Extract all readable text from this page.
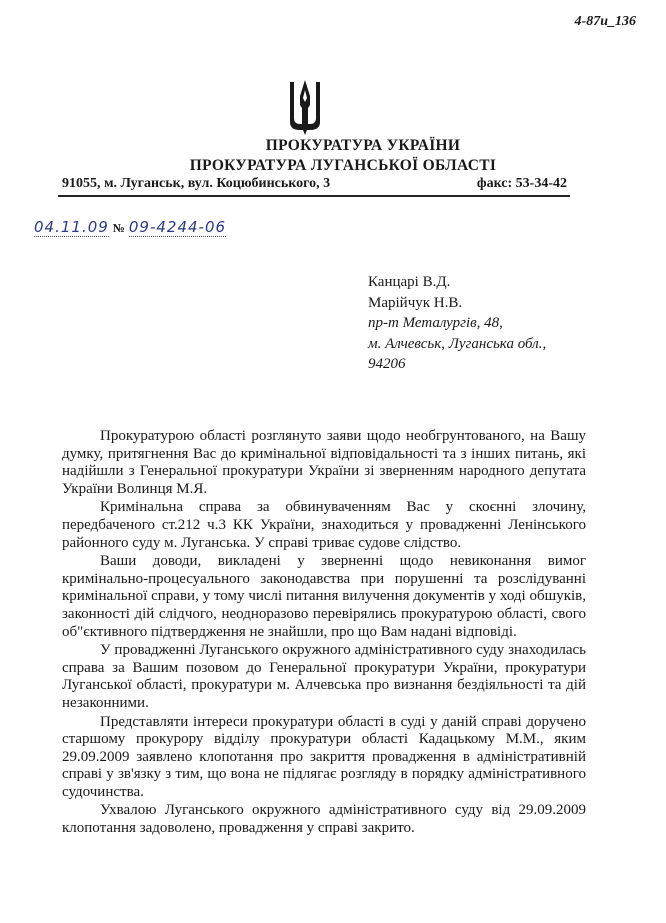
4-87и_136
ПРОКУРАТУРА УКРАЇНИ
ПРОКУРАТУРА ЛУГАНСЬКОЇ ОБЛАСТІ
91055, м. Луганськ, вул. Коцюбинського, 3	факс: 53-34-42
04.11.09 № 09-4244-06
Канцарі В.Д.
Марійчук Н.В.
пр-т Металургів, 48,
м. Алчевськ, Луганська обл.,
94206

Прокуратурою області розглянуто заяви щодо необгрунтованого, на Вашу думку, притягнення Вас до кримінальної відповідальності та з інших питань, які надійшли з Генеральної прокуратури України зі зверненням народного депутата України Волинця М.Я.

Кримінальна справа за обвинуваченням Вас у скоєнні злочину, передбаченого ст.212 ч.3 КК України, знаходиться у провадженні Ленінського районного суду м. Луганська. У справі триває судове слідство.

Ваши доводи, викладені у зверненні щодо невиконання вимог кримінально-процесуального законодавства при порушенні та розслідуванні кримінальної справи, у тому числі питання вилучення документів у ході обшуків, законності дій слідчого, неодноразово перевірялись прокуратурою області, свого об"єктивного підтвердження не знайшли, про що Вам надані відповіді.

У провадженні Луганського окружного адміністративного суду знаходилась справа за Вашим позовом до Генеральної прокуратури України, прокуратури Луганської області, прокуратури м. Алчевська про визнання бездіяльності та дій незаконними.

Представляти інтереси прокуратури області в суді у даній справі доручено старшому прокурору відділу прокуратури області Кадацькому М.М., яким 29.09.2009 заявлено клопотання про закриття провадження в адміністративній справі у зв'язку з тим, що вона не підлягає розгляду в порядку адміністративного судочинства.

Ухвалою Луганського окружного адміністративного суду від 29.09.2009 клопотання задоволено, провадження у справі закрито.
